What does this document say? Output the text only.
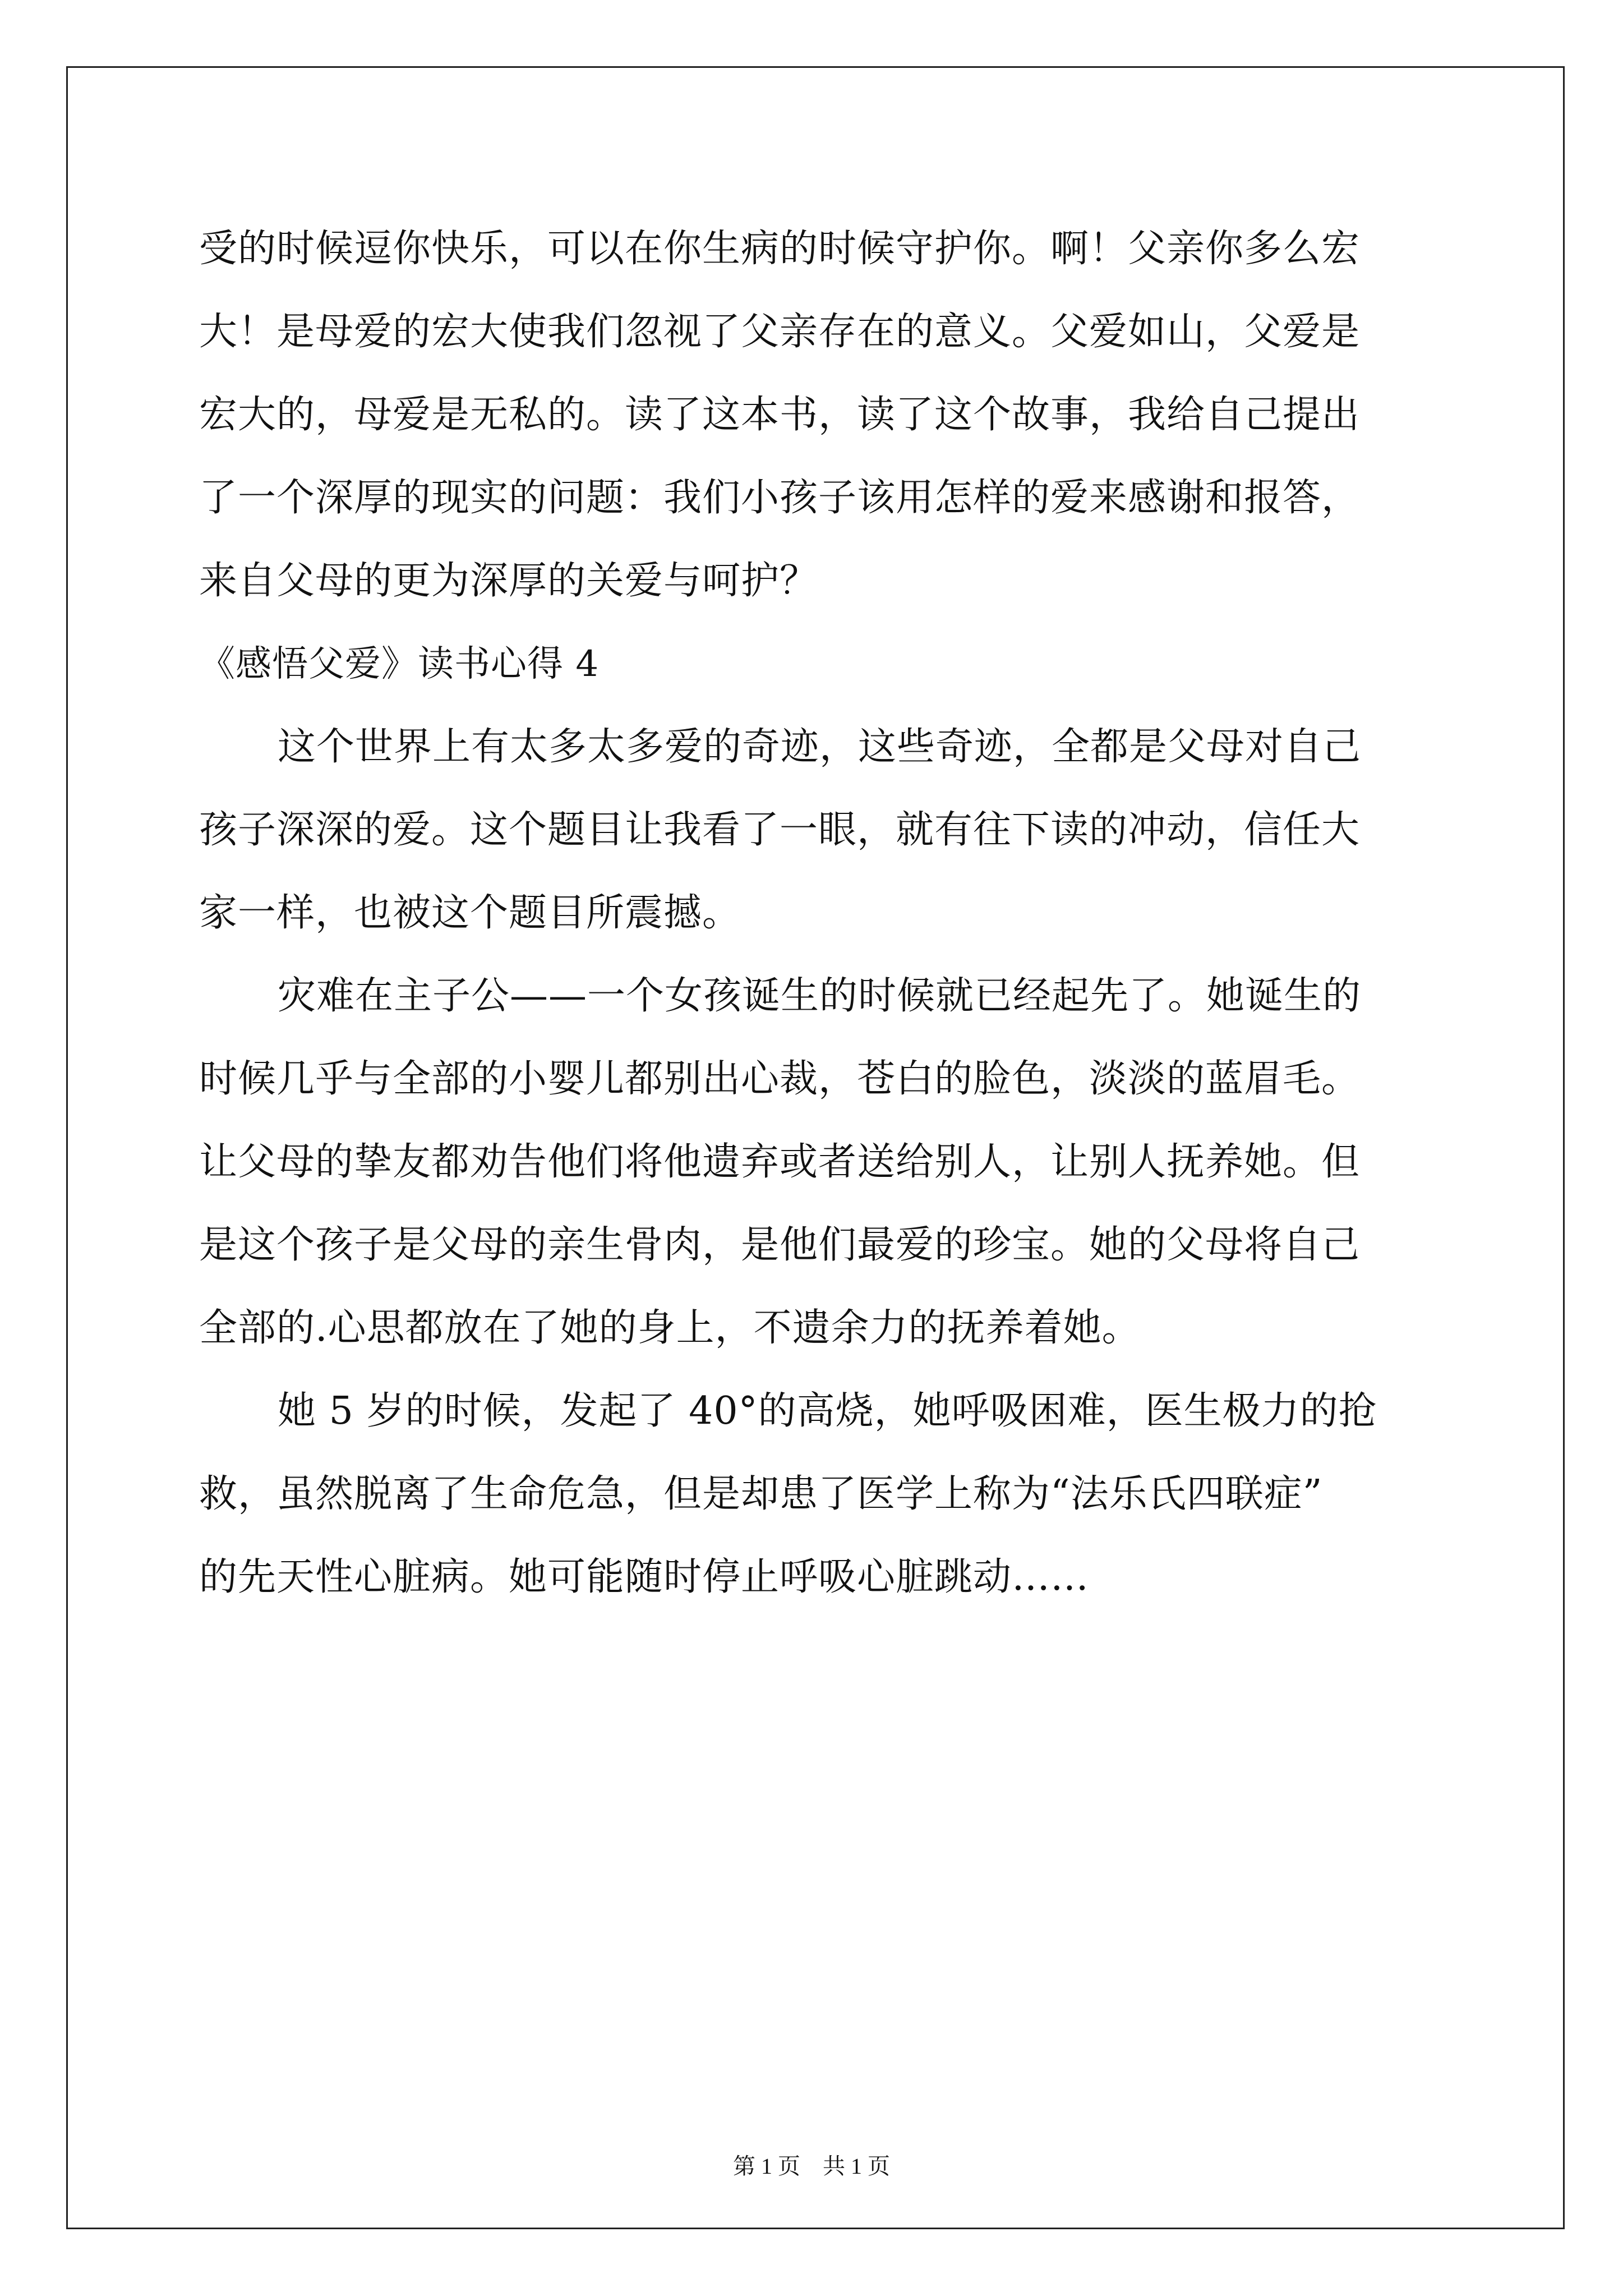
受的时候逗你快乐，可以在你生病的时候守护你。啊！父亲你多么宏
大！是母爱的宏大使我们忽视了父亲存在的意义。父爱如山，父爱是
宏大的，母爱是无私的。读了这本书，读了这个故事，我给自己提出
了一个深厚的现实的问题：我们小孩子该用怎样的爱来感谢和报答，
来自父母的更为深厚的关爱与呵护？
《感悟父爱》读书心得 4
这个世界上有太多太多爱的奇迹，这些奇迹，全都是父母对自己
孩子深深的爱。这个题目让我看了一眼，就有往下读的冲动，信任大
家一样，也被这个题目所震撼。
灾难在主子公——一个女孩诞生的时候就已经起先了。她诞生的
时候几乎与全部的小婴儿都别出心裁，苍白的脸色，淡淡的蓝眉毛。
让父母的挚友都劝告他们将他遗弃或者送给别人，让别人抚养她。但
是这个孩子是父母的亲生骨肉，是他们最爱的珍宝。她的父母将自己
全部的.心思都放在了她的身上，不遗余力的抚养着她。
她 5 岁的时候，发起了 40°的高烧，她呼吸困难，医生极力的抢
救，虽然脱离了生命危急，但是却患了医学上称为“法乐氏四联症”
的先天性心脏病。她可能随时停止呼吸心脏跳动……
第 1 页　共 1 页
